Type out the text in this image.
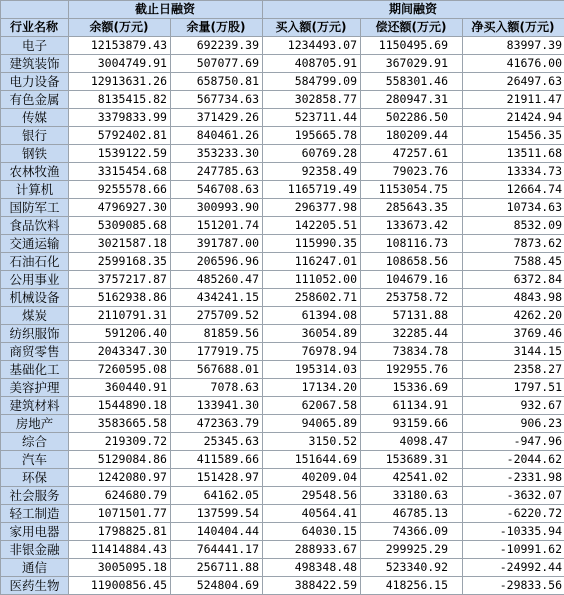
	截止日融资		期间融资		
行业名称	余额(万元)	余量(万股)	买入额(万元)	偿还额(万元)	净买入额(万元)
电子	12153879.43	692239.39	1234493.07	1150495.69	83997.39
建筑装饰	3004749.91	507077.69	408705.91	367029.91	41676.00
电力设备	12913631.26	658750.81	584799.09	558301.46	26497.63
有色金属	8135415.82	567734.63	302858.77	280947.31	21911.47
传媒	3379833.99	371429.26	523711.44	502286.50	21424.94
银行	5792402.81	840461.26	195665.78	180209.44	15456.35
钢铁	1539122.59	353233.30	60769.28	47257.61	13511.68
农林牧渔	3315454.68	247785.63	92358.49	79023.76	13334.73
计算机	9255578.66	546708.63	1165719.49	1153054.75	12664.74
国防军工	4796927.30	300993.90	296377.98	285643.35	10734.63
食品饮料	5309085.68	151201.74	142205.51	133673.42	8532.09
交通运输	3021587.18	391787.00	115990.35	108116.73	7873.62
石油石化	2599168.35	206596.96	116247.01	108658.56	7588.45
公用事业	3757217.87	485260.47	111052.00	104679.16	6372.84
机械设备	5162938.86	434241.15	258602.71	253758.72	4843.98
煤炭	2110791.31	275709.52	61394.08	57131.88	4262.20
纺织服饰	591206.40	81859.56	36054.89	32285.44	3769.46
商贸零售	2043347.30	177919.75	76978.94	73834.78	3144.15
基础化工	7260595.08	567688.01	195314.03	192955.76	2358.27
美容护理	360440.91	7078.63	17134.20	15336.69	1797.51
建筑材料	1544890.18	133941.30	62067.58	61134.91	932.67
房地产	3583665.58	472363.79	94065.89	93159.66	906.23
综合	219309.72	25345.63	3150.52	4098.47	-947.96
汽车	5129084.86	411589.66	151644.69	153689.31	-2044.62
环保	1242080.97	151428.97	40209.04	42541.02	-2331.98
社会服务	624680.79	64162.05	29548.56	33180.63	-3632.07
轻工制造	1071501.77	137599.54	40564.41	46785.13	-6220.72
家用电器	1798825.81	140404.44	64030.15	74366.09	-10335.94
非银金融	11414884.43	764441.17	288933.67	299925.29	-10991.62
通信	3005095.18	256711.88	498348.48	523340.92	-24992.44
医药生物	11900856.45	524804.69	388422.59	418256.15	-29833.56
